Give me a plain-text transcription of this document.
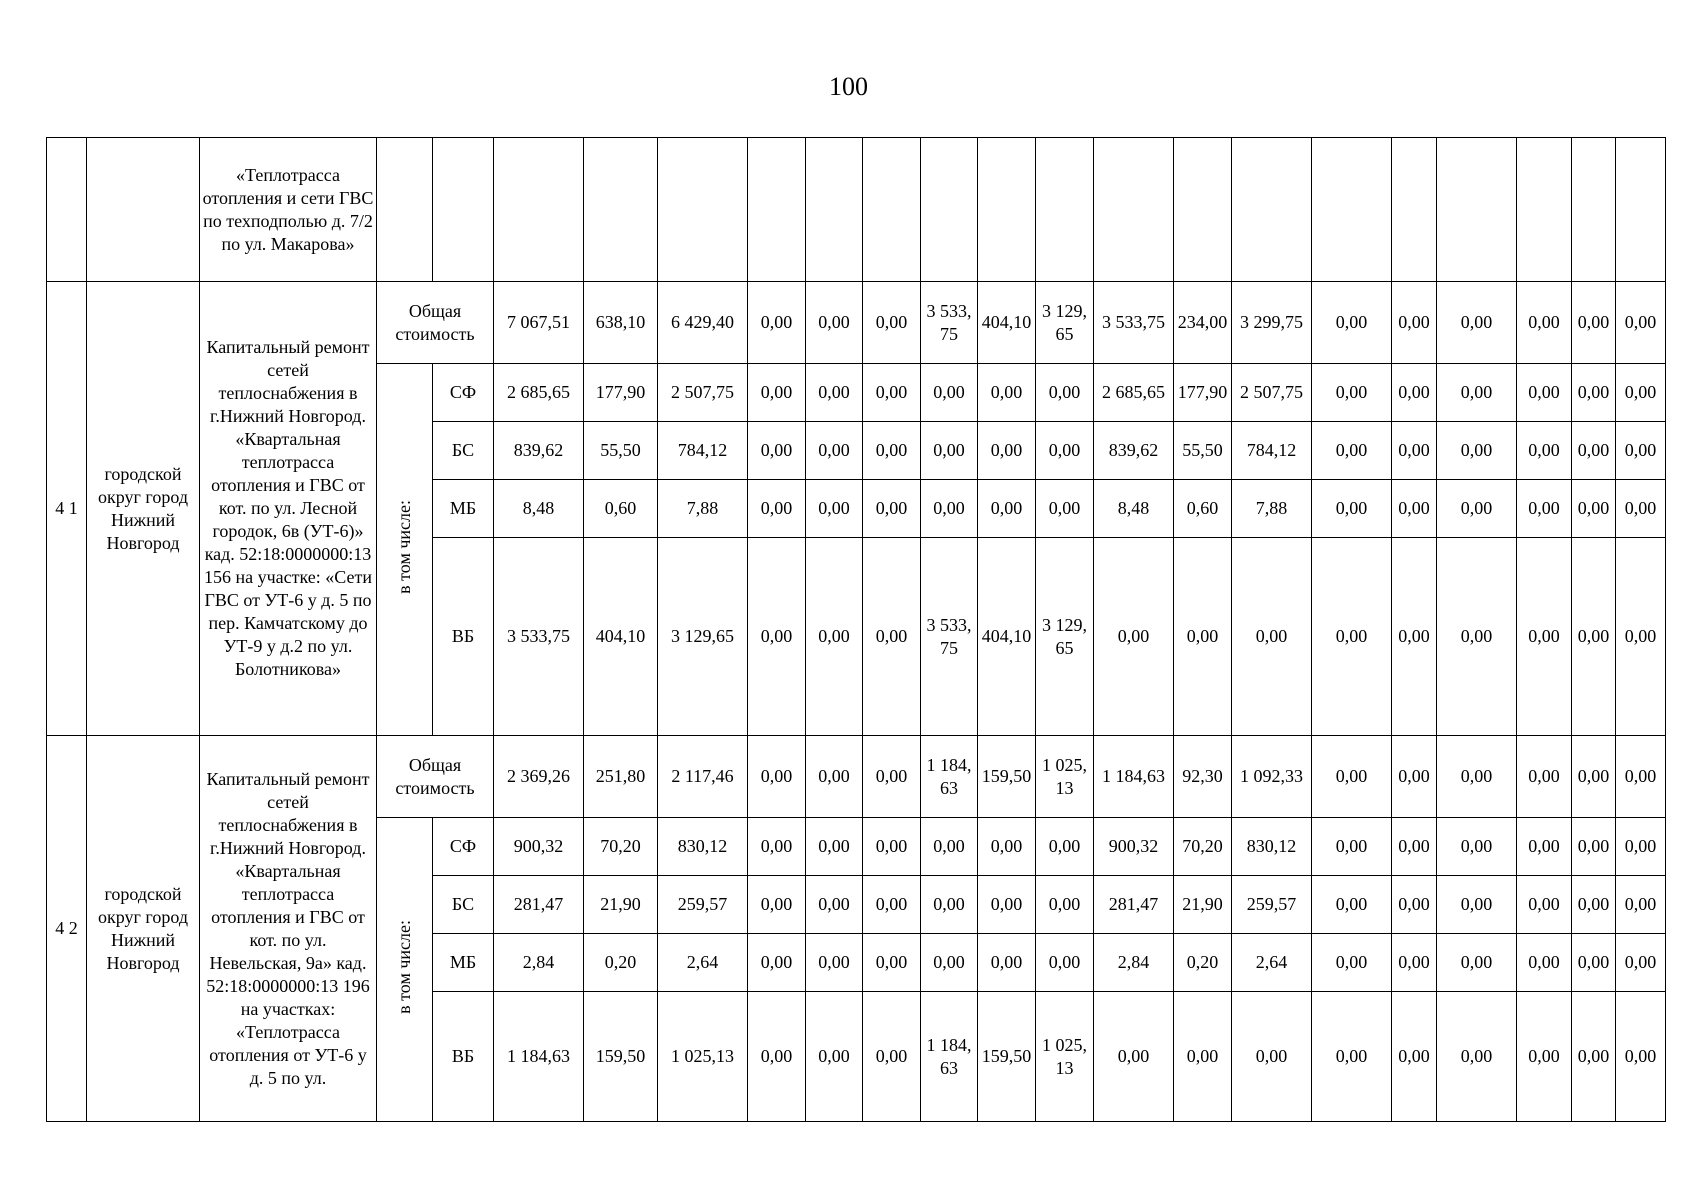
100
		«Теплотрасса отопления и сети ГВС по техподполью д. 7/2 по ул. Макарова»																				
4 1	городской округ город Нижний Новгород	Капитальный ремонт сетей теплоснабжения в г.Нижний Новгород. «Квартальная теплотрасса отопления и ГВС от кот. по ул. Лесной городок, 6в (УТ-6)» кад. 52:18:0000000:13 156 на участке: «Сети ГВС от УТ-6 у д. 5 по пер. Камчатскому до УТ-9 у д.2 по ул. Болотникова»	Общая стоимость		7 067,51	638,10	6 429,40	0,00	0,00	0,00	3 533,75	404,10	3 129,65	3 533,75	234,00	3 299,75	0,00	0,00	0,00	0,00	0,00	0,00
			в том числе:	СФ	2 685,65	177,90	2 507,75	0,00	0,00	0,00	0,00	0,00	0,00	2 685,65	177,90	2 507,75	0,00	0,00	0,00	0,00	0,00	0,00
				БС	839,62	55,50	784,12	0,00	0,00	0,00	0,00	0,00	0,00	839,62	55,50	784,12	0,00	0,00	0,00	0,00	0,00	0,00
				МБ	8,48	0,60	7,88	0,00	0,00	0,00	0,00	0,00	0,00	8,48	0,60	7,88	0,00	0,00	0,00	0,00	0,00	0,00
				ВБ	3 533,75	404,10	3 129,65	0,00	0,00	0,00	3 533,75	404,10	3 129,65	0,00	0,00	0,00	0,00	0,00	0,00	0,00	0,00	0,00
4 2	городской округ город Нижний Новгород	Капитальный ремонт сетей теплоснабжения в г.Нижний Новгород. «Квартальная теплотрасса отопления и ГВС от кот. по ул. Невельская, 9а» кад. 52:18:0000000:13 196 на участках: «Теплотрасса отопления от УТ-6 у д. 5 по ул.	Общая стоимость		2 369,26	251,80	2 117,46	0,00	0,00	0,00	1 184,63	159,50	1 025,13	1 184,63	92,30	1 092,33	0,00	0,00	0,00	0,00	0,00	0,00
			в том числе:	СФ	900,32	70,20	830,12	0,00	0,00	0,00	0,00	0,00	0,00	900,32	70,20	830,12	0,00	0,00	0,00	0,00	0,00	0,00
				БС	281,47	21,90	259,57	0,00	0,00	0,00	0,00	0,00	0,00	281,47	21,90	259,57	0,00	0,00	0,00	0,00	0,00	0,00
				МБ	2,84	0,20	2,64	0,00	0,00	0,00	0,00	0,00	0,00	2,84	0,20	2,64	0,00	0,00	0,00	0,00	0,00	0,00
				ВБ	1 184,63	159,50	1 025,13	0,00	0,00	0,00	1 184,63	159,50	1 025,13	0,00	0,00	0,00	0,00	0,00	0,00	0,00	0,00	0,00
